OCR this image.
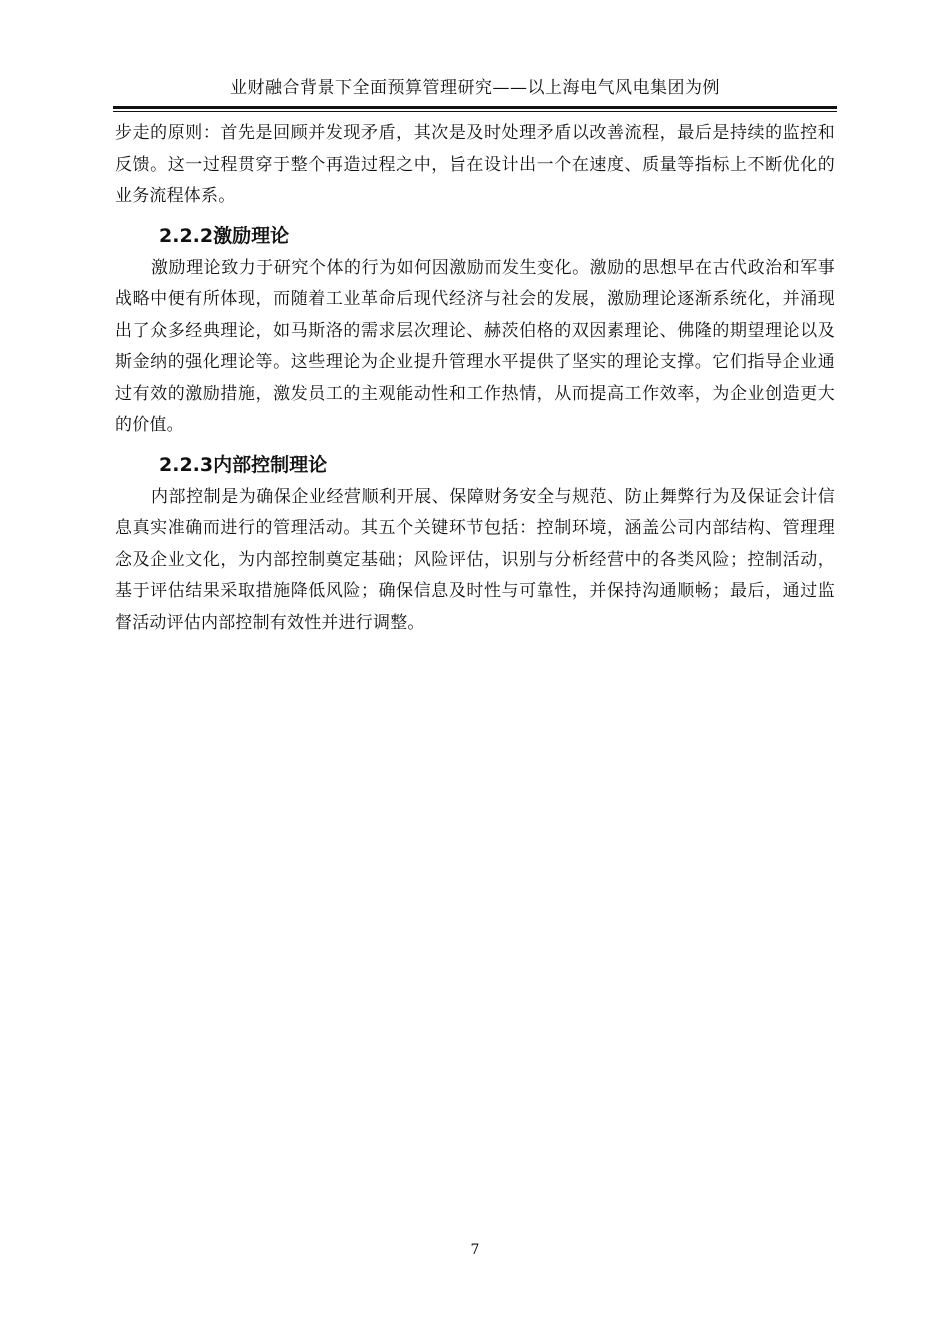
业财融合背景下全面预算管理研究——以上海电气风电集团为例

步走的原则：首先是回顾并发现矛盾，其次是及时处理矛盾以改善流程，最后是持续的监控和反馈。这一过程贯穿于整个再造过程之中，旨在设计出一个在速度、质量等指标上不断优化的业务流程体系。

2.2.2激励理论

激励理论致力于研究个体的行为如何因激励而发生变化。激励的思想早在古代政治和军事战略中便有所体现，而随着工业革命后现代经济与社会的发展，激励理论逐渐系统化，并涌现出了众多经典理论，如马斯洛的需求层次理论、赫茨伯格的双因素理论、佛隆的期望理论以及斯金纳的强化理论等。这些理论为企业提升管理水平提供了坚实的理论支撑。它们指导企业通过有效的激励措施，激发员工的主观能动性和工作热情，从而提高工作效率，为企业创造更大的价值。

2.2.3内部控制理论

内部控制是为确保企业经营顺利开展、保障财务安全与规范、防止舞弊行为及保证会计信息真实准确而进行的管理活动。其五个关键环节包括：控制环境，涵盖公司内部结构、管理理念及企业文化，为内部控制奠定基础；风险评估，识别与分析经营中的各类风险；控制活动，基于评估结果采取措施降低风险；确保信息及时性与可靠性，并保持沟通顺畅；最后，通过监督活动评估内部控制有效性并进行调整。

7
